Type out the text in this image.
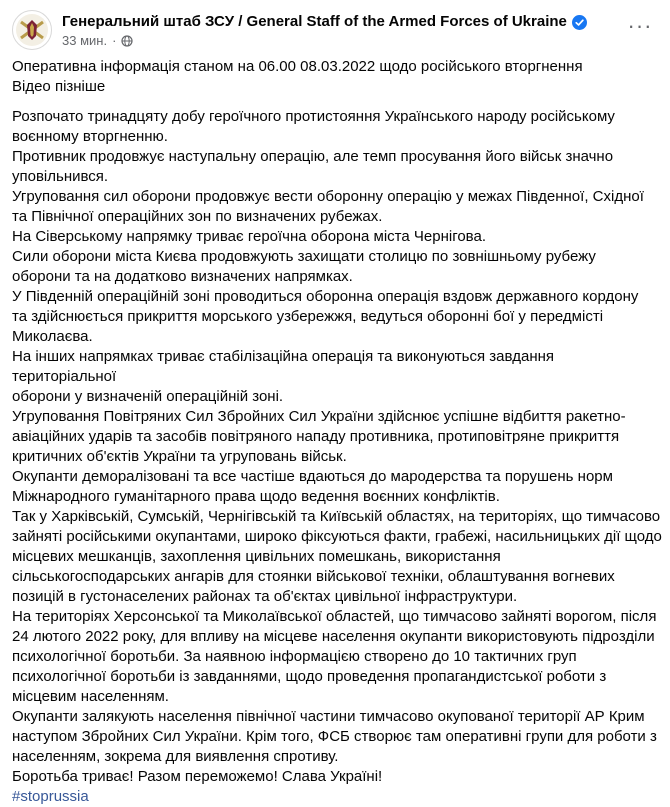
Генеральний штаб ЗСУ / General Staff of the Armed Forces of Ukraine
33 мин. ·
···

Оперативна інформація станом на 06.00 08.03.2022 щодо російського вторгнення

Відео пізніше

Розпочато тринадцяту добу героїчного протистояння Українського народу російському

воєнному вторгненню.

Противник продовжує наступальну операцію, але темп просування його військ значно

уповільнився.

Угруповання сил оборони продовжує вести оборонну операцію у межах Південної, Східної

та Північної операційних зон по визначених рубежах.

На Сіверському напрямку триває героїчна оборона міста Чернігова.

Сили оборони міста Києва продовжують захищати столицю по зовнішньому рубежу

оборони та на додатково визначених напрямках.

У Південній операційній зоні проводиться оборонна операція вздовж державного кордону

та здійснюється прикриття морського узбережжя, ведуться оборонні бої у передмісті

Миколаєва.

На інших напрямках триває стабілізаційна операція та виконуються завдання територіальної

оборони у визначеній операційній зоні.

Угруповання Повітряних Сил Збройних Сил України здійснює успішне відбиття ракетно-

авіаційних ударів та засобів повітряного нападу противника, протиповітряне прикриття

критичних об'єктів України та угруповань військ.

Окупанти деморалізовані та все частіше вдаються до мародерства та порушень норм

Міжнародного гуманітарного права щодо ведення воєнних конфліктів.

Так у Харківській, Сумській, Чернігівській та Київській областях, на територіях, що тимчасово

зайняті російськими окупантами, широко фіксуються факти, грабежі, насильницьких дії щодо

місцевих мешканців, захоплення цивільних помешкань, використання

сільськогосподарських ангарів для стоянки військової техніки, облаштування вогневих

позицій в густонаселених районах та об'єктах цивільної інфраструктури.

На територіях Херсонської та Миколаївської областей, що тимчасово зайняті ворогом, після

24 лютого 2022 року, для впливу на місцеве населення окупанти використовують підрозділи

психологічної боротьби. За наявною інформацією створено до 10 тактичних груп

психологічної боротьби із завданнями, щодо проведення пропагандистської роботи з

місцевим населенням.

Окупанти залякують населення північної частини тимчасово окупованої території АР Крим

наступом Збройних Сил України. Крім того, ФСБ створює там оперативні групи для роботи з

населенням, зокрема для виявлення спротиву.

Боротьба триває! Разом переможемо! Слава Україні!

#stoprussia
